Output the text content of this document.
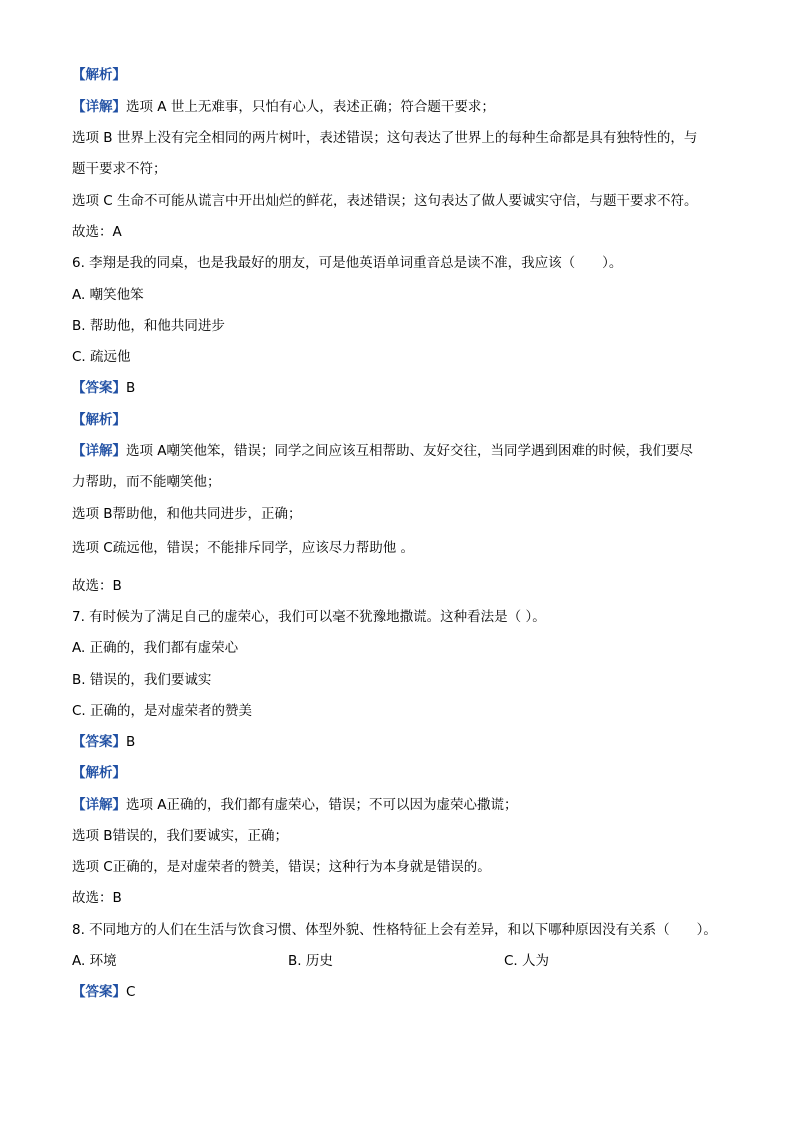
【解析】
【详解】选项 A 世上无难事，只怕有心人，表述正确；符合题干要求；
选项 B 世界上没有完全相同的两片树叶，表述错误；这句表达了世界上的每种生命都是具有独特性的，与
题干要求不符；
选项 C 生命不可能从谎言中开出灿烂的鲜花，表述错误；这句表达了做人要诚实守信，与题干要求不符。
故选：A
6. 李翔是我的同桌，也是我最好的朋友，可是他英语单词重音总是读不准，我应该（　　）。
A. 嘲笑他笨
B. 帮助他，和他共同进步
C. 疏远他
【答案】B
【解析】
【详解】选项 A嘲笑他笨，错误；同学之间应该互相帮助、友好交往，当同学遇到困难的时候，我们要尽
力帮助，而不能嘲笑他；
选项 B帮助他，和他共同进步，正确；
选项 C疏远他，错误；不能排斥同学，应该尽力帮助他 。
故选：B
7. 有时候为了满足自己的虚荣心，我们可以毫不犹豫地撒谎。这种看法是（ ）。
A. 正确的，我们都有虚荣心
B. 错误的，我们要诚实
C. 正确的，是对虚荣者的赞美
【答案】B
【解析】
【详解】选项 A正确的，我们都有虚荣心，错误；不可以因为虚荣心撒谎；
选项 B错误的，我们要诚实，正确；
选项 C正确的，是对虚荣者的赞美，错误；这种行为本身就是错误的。
故选：B
8. 不同地方的人们在生活与饮食习惯、体型外貌、性格特征上会有差异，和以下哪种原因没有关系（　　）。
A. 环境	B. 历史	C. 人为
【答案】C
